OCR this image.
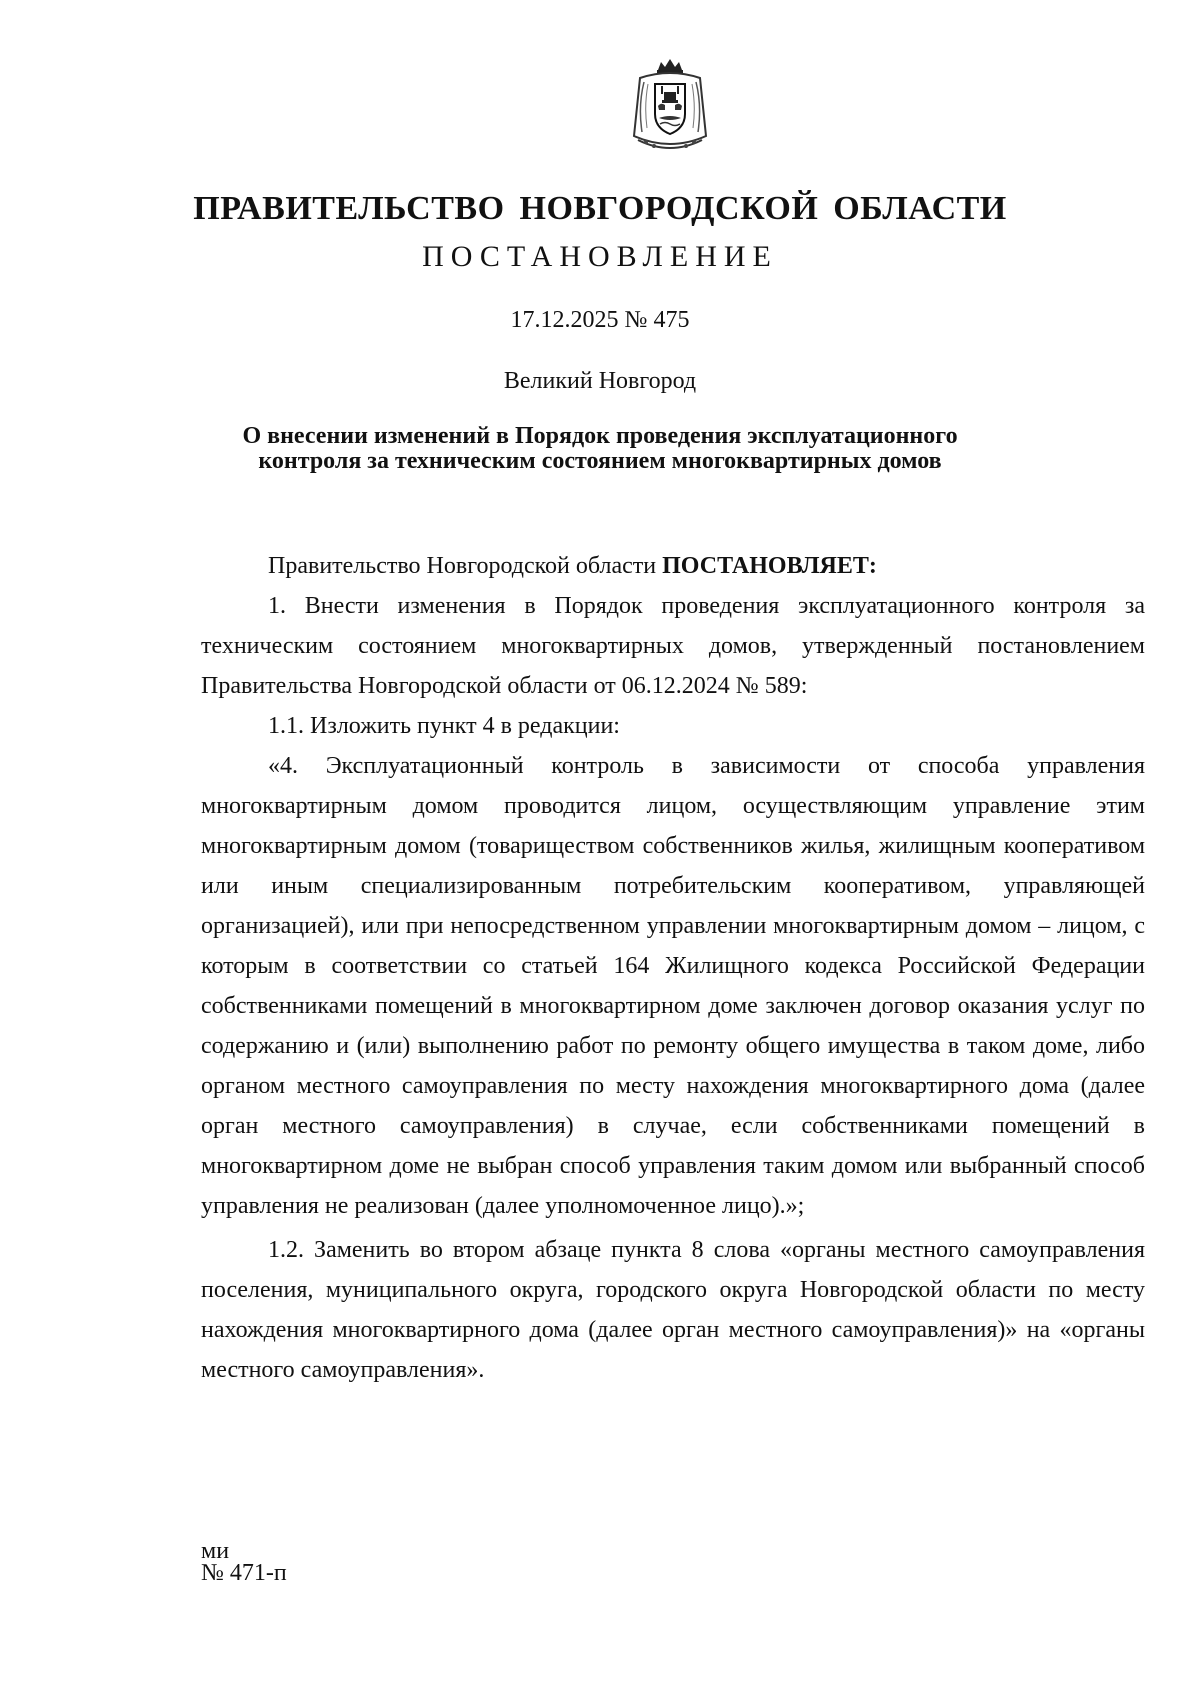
ПРАВИТЕЛЬСТВО НОВГОРОДСКОЙ ОБЛАСТИ
ПОСТАНОВЛЕНИЕ
17.12.2025 № 475
Великий Новгород
О внесении изменений в Порядок проведения эксплуатационного
контроля за техническим состоянием многоквартирных домов

Правительство Новгородской области ПОСТАНОВЛЯЕТ:

1. Внести изменения в Порядок проведения эксплуатационного контроля за техническим состоянием многоквартирных домов, утвержденный постановлением Правительства Новгородской области от 06.12.2024 № 589:

1.1. Изложить пункт 4 в редакции:

«4. Эксплуатационный контроль в зависимости от способа управления многоквартирным домом проводится лицом, осуществляющим управление этим многоквартирным домом (товариществом собственников жилья, жилищным кооперативом или иным специализированным потребительским кооперативом, управляющей организацией), или при непосредственном управлении многоквартирным домом – лицом, с которым в соответствии со статьей 164 Жилищного кодекса Российской Федерации собственниками помещений в многоквартирном доме заключен договор оказания услуг по содержанию и (или) выполнению работ по ремонту общего имущества в таком доме, либо органом местного самоуправления по месту нахождения многоквартирного дома (далее орган местного самоуправления) в случае, если собственниками помещений в многоквартирном доме не выбран способ управления таким домом или выбранный способ управления не реализован (далее уполномоченное лицо).»;

1.2. Заменить во втором абзаце пункта 8 слова «органы местного самоуправления поселения, муниципального округа, городского округа Новгородской области по месту нахождения многоквартирного дома (далее орган местного самоуправления)» на «органы местного самоуправления».

ми
№ 471-п
